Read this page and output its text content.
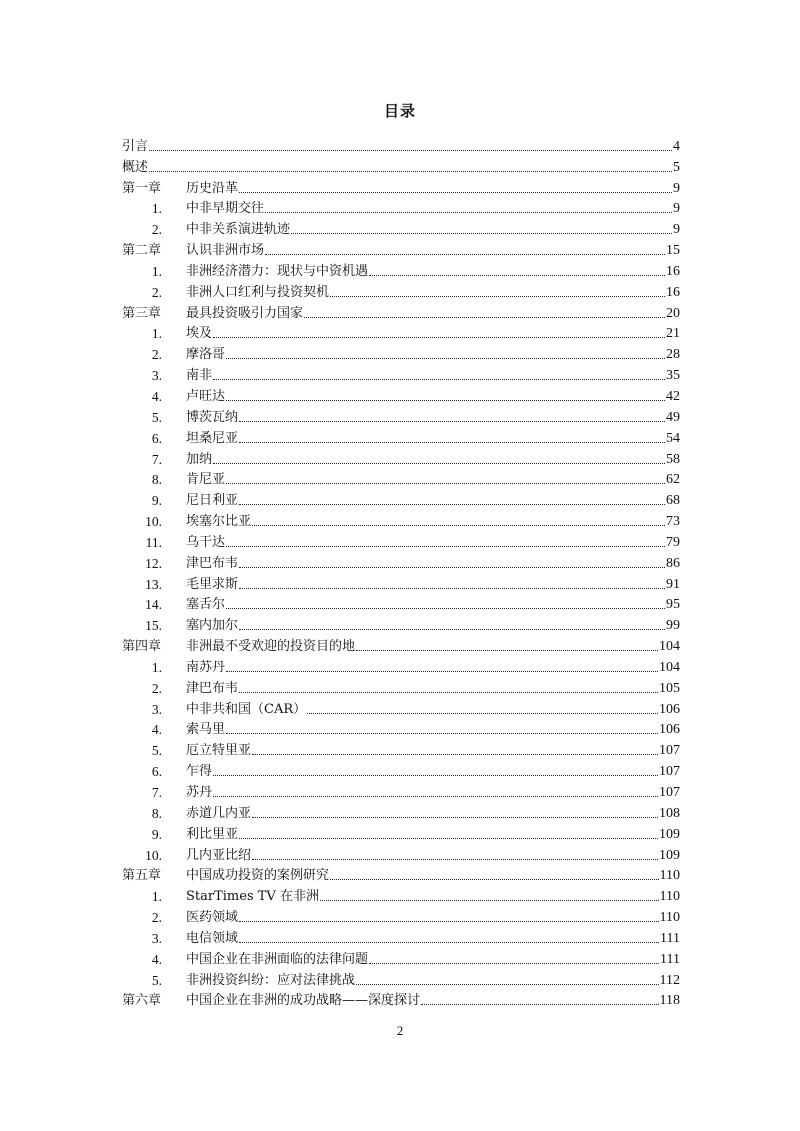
目录
引言	4
概述	5
第一章	历史沿革	9
1.	中非早期交往	9
2.	中非关系演进轨迹	9
第二章	认识非洲市场	15
1.	非洲经济潜力：现状与中资机遇	16
2.	非洲人口红利与投资契机	16
第三章	最具投资吸引力国家	20
1.	埃及	21
2.	摩洛哥	28
3.	南非	35
4.	卢旺达	42
5.	博茨瓦纳	49
6.	坦桑尼亚	54
7.	加纳	58
8.	肯尼亚	62
9.	尼日利亚	68
10.	埃塞尔比亚	73
11.	乌干达	79
12.	津巴布韦	86
13.	毛里求斯	91
14.	塞舌尔	95
15.	塞内加尔	99
第四章	非洲最不受欢迎的投资目的地	104
1.	南苏丹	104
2.	津巴布韦	105
3.	中非共和国（CAR）	106
4.	索马里	106
5.	厄立特里亚	107
6.	乍得	107
7.	苏丹	107
8.	赤道几内亚	108
9.	利比里亚	109
10.	几内亚比绍	109
第五章	中国成功投资的案例研究	110
1.	StarTimes TV 在非洲	110
2.	医药领域	110
3.	电信领域	111
4.	中国企业在非洲面临的法律问题	111
5.	非洲投资纠纷：应对法律挑战	112
第六章	中国企业在非洲的成功战略——深度探讨	118
2
